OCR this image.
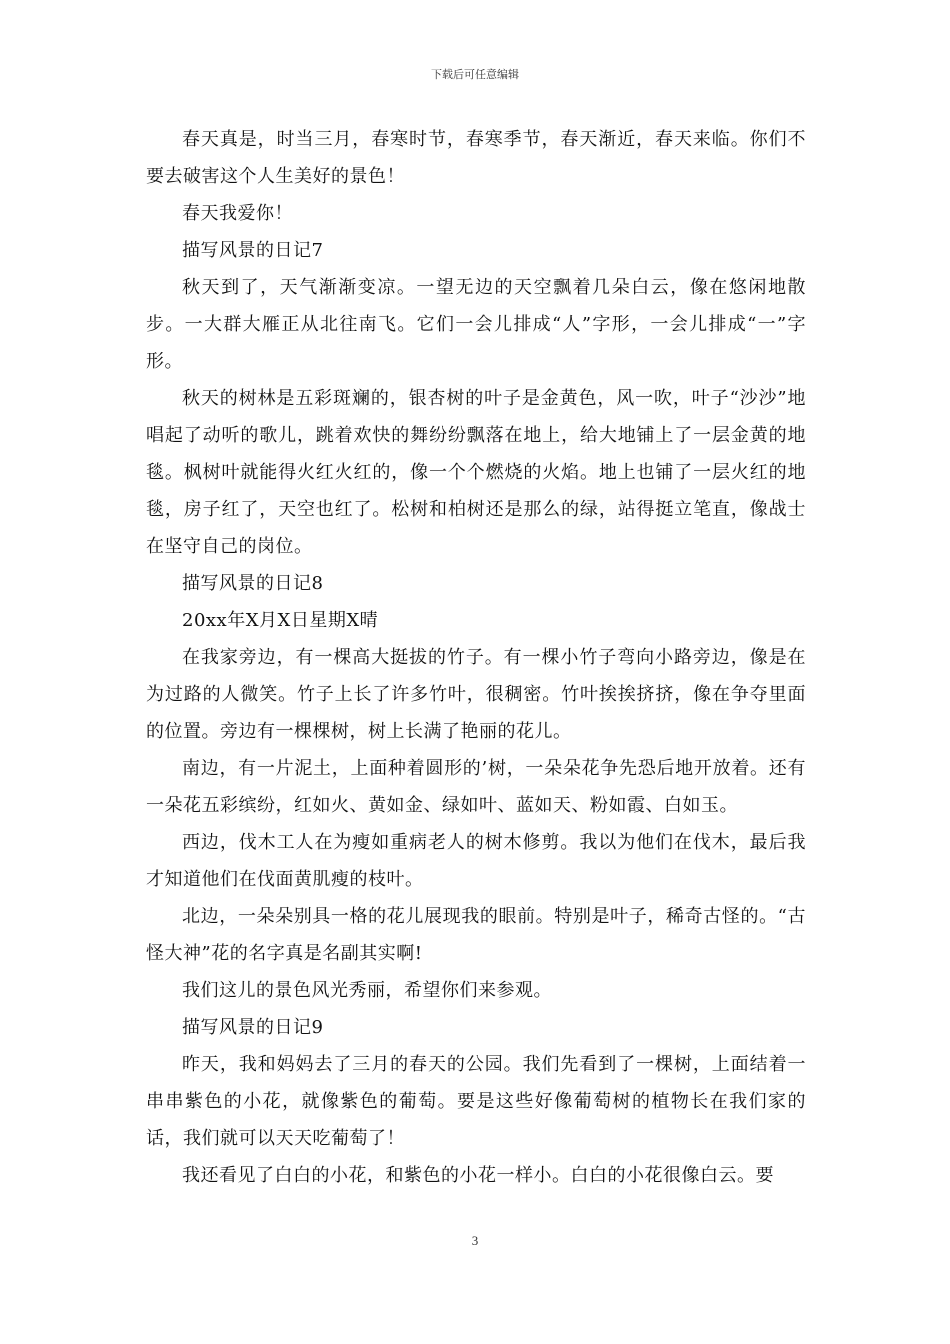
下载后可任意编辑

春天真是，时当三月，春寒时节，春寒季节，春天渐近，春天来临。你们不要去破害这个人生美好的景色！

春天我爱你！

描写风景的日记7

秋天到了，天气渐渐变凉。一望无边的天空飘着几朵白云，像在悠闲地散步。一大群大雁正从北往南飞。它们一会儿排成“人”字形，一会儿排成“一”字形。

秋天的树林是五彩斑斓的，银杏树的叶子是金黄色，风一吹，叶子“沙沙”地唱起了动听的歌儿，跳着欢快的舞纷纷飘落在地上，给大地铺上了一层金黄的地毯。枫树叶就能得火红火红的，像一个个燃烧的火焰。地上也铺了一层火红的地毯，房子红了，天空也红了。松树和柏树还是那么的绿，站得挺立笔直，像战士在坚守自己的岗位。

描写风景的日记8

20xx年X月X日星期X晴

在我家旁边，有一棵高大挺拔的竹子。有一棵小竹子弯向小路旁边，像是在为过路的人微笑。竹子上长了许多竹叶，很稠密。竹叶挨挨挤挤，像在争夺里面的位置。旁边有一棵棵树，树上长满了艳丽的花儿。

南边，有一片泥土，上面种着圆形的’树，一朵朵花争先恐后地开放着。还有一朵花五彩缤纷，红如火、黄如金、绿如叶、蓝如天、粉如霞、白如玉。

西边，伐木工人在为瘦如重病老人的树木修剪。我以为他们在伐木，最后我才知道他们在伐面黄肌瘦的枝叶。

北边，一朵朵别具一格的花儿展现我的眼前。特别是叶子，稀奇古怪的。“古怪大神”花的名字真是名副其实啊!

我们这儿的景色风光秀丽，希望你们来参观。

描写风景的日记9

昨天，我和妈妈去了三月的春天的公园。我们先看到了一棵树，上面结着一串串紫色的小花，就像紫色的葡萄。要是这些好像葡萄树的植物长在我们家的话，我们就可以天天吃葡萄了！

我还看见了白白的小花，和紫色的小花一样小。白白的小花很像白云。要

3
